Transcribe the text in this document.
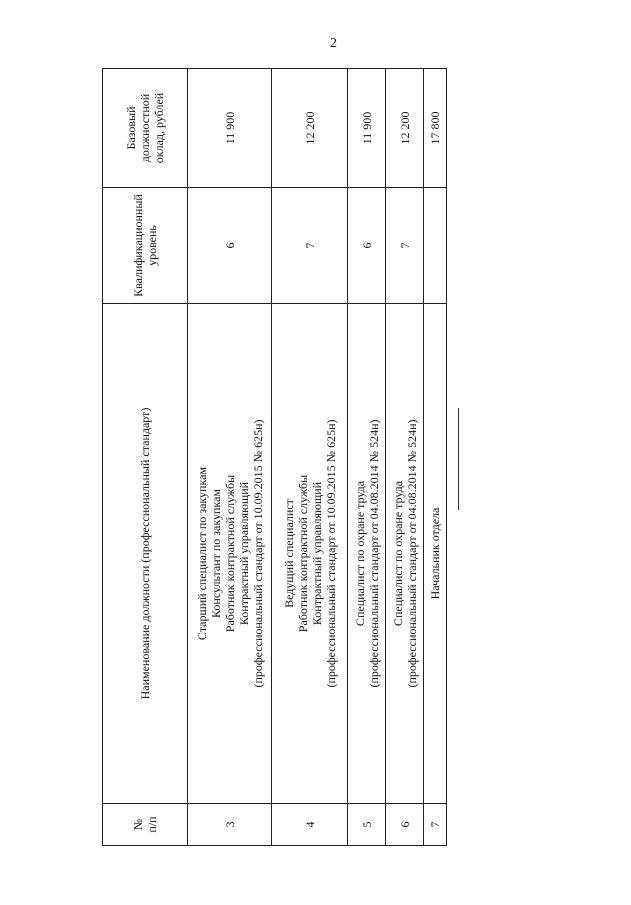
2
№ п/п	Наименование должности (профессиональный стандарт)	Квалификационный уровень	Базовый должностной оклад, рублей

3	Старший специалист по закупкам Консультант по закупкам Работник контрактной службы Контрактный управляющий (профессиональный стандарт от 10.09.2015 № 625н)	6	11 900
4	Ведущий специалист Работник контрактной службы Контрактный управляющий (профессиональный стандарт от 10.09.2015 № 625н)	7	12 200
5	Специалист по охране труда (профессиональный стандарт от 04.08.2014 № 524н)	6	11 900
6	Специалист по охране труда (профессиональный стандарт от 04.08.2014 № 524н)	7	12 200
7	Начальник отдела		17 800
